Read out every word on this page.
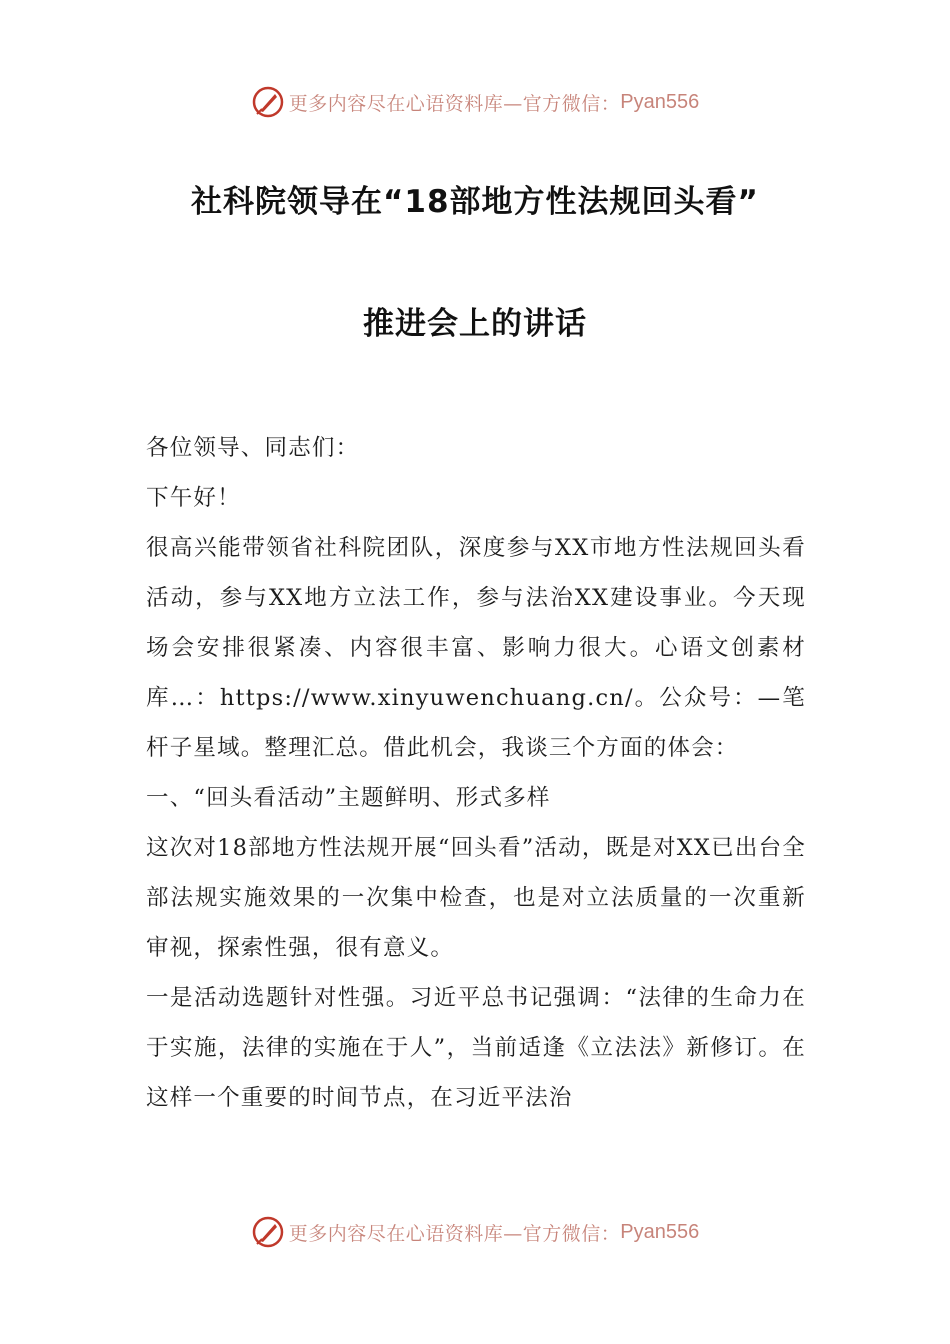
更多内容尽在心语资料库—官方微信： Pyan556
社科院领导在“18部地方性法规回头看”
推进会上的讲话

各位领导、同志们：

下午好！

很高兴能带领省社科院团队，深度参与XX市地方性法规回头看活动，参与XX地方立法工作，参与法治XX建设事业。今天现场会安排很紧凑、内容很丰富、影响力很大。心语文创素材库…：https://www.xinyuwenchuang.cn/。公众号：—笔杆子星域。整理汇总。借此机会，我谈三个方面的体会：

一、“回头看活动”主题鲜明、形式多样

这次对18部地方性法规开展“回头看”活动，既是对XX已出台全部法规实施效果的一次集中检查，也是对立法质量的一次重新审视，探索性强，很有意义。

一是活动选题针对性强。习近平总书记强调：“法律的生命力在于实施，法律的实施在于人”，当前适逢《立法法》新修订。在这样一个重要的时间节点，在习近平法治

更多内容尽在心语资料库—官方微信： Pyan556
